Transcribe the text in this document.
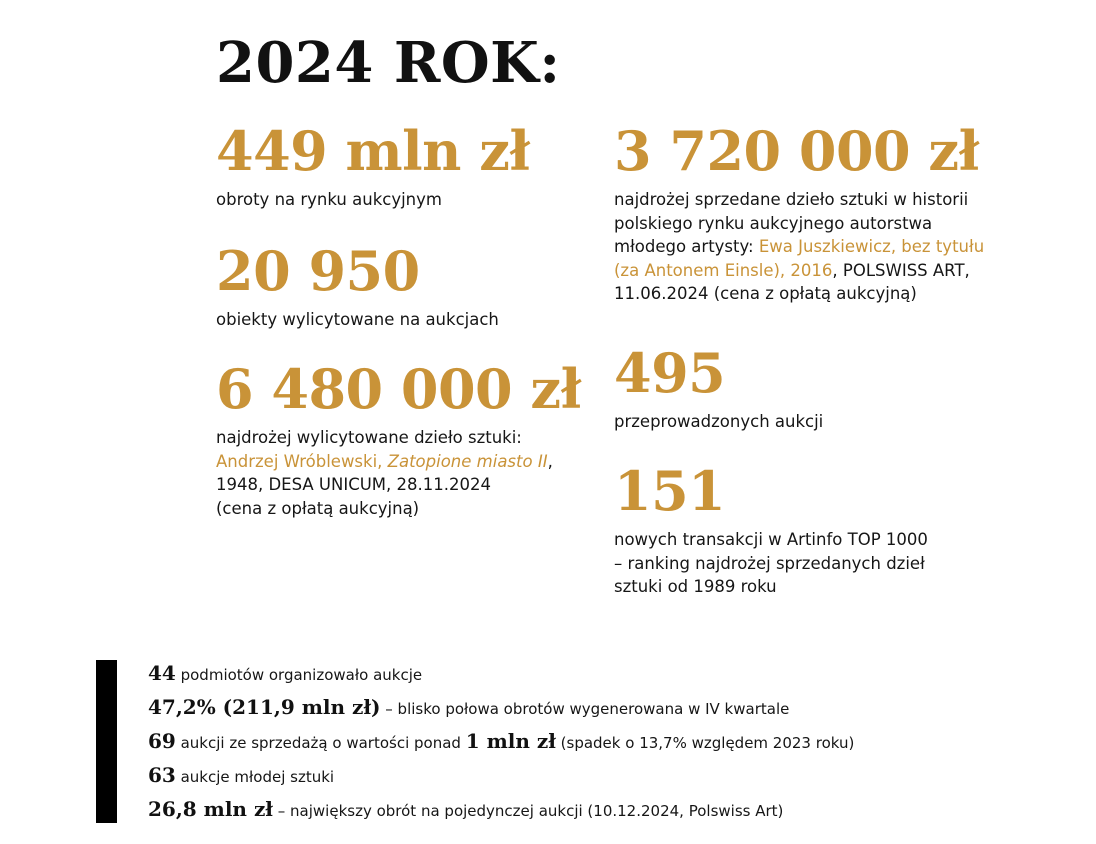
2024 ROK:
449 mln zł
obroty na rynku aukcyjnym
20 950
obiekty wylicytowane na aukcjach
6 480 000 zł
najdrożej wylicytowane dzieło sztuki:
Andrzej Wróblewski, Zatopione miasto II,
1948, DESA UNICUM, 28.11.2024
(cena z opłatą aukcyjną)
3 720 000 zł
najdrożej sprzedane dzieło sztuki w historii
polskiego rynku aukcyjnego autorstwa
młodego artysty: Ewa Juszkiewicz, bez tytułu
(za Antonem Einsle), 2016, POLSWISS ART,
11.06.2024 (cena z opłatą aukcyjną)
495
przeprowadzonych aukcji
151
nowych transakcji w Artinfo TOP 1000
– ranking najdrożej sprzedanych dzieł
sztuki od 1989 roku
44 podmiotów organizowało aukcje
47,2% (211,9 mln zł) – blisko połowa obrotów wygenerowana w IV kwartale
69 aukcji ze sprzedażą o wartości ponad 1 mln zł (spadek o 13,7% względem 2023 roku)
63 aukcje młodej sztuki
26,8 mln zł – największy obrót na pojedynczej aukcji (10.12.2024, Polswiss Art)
